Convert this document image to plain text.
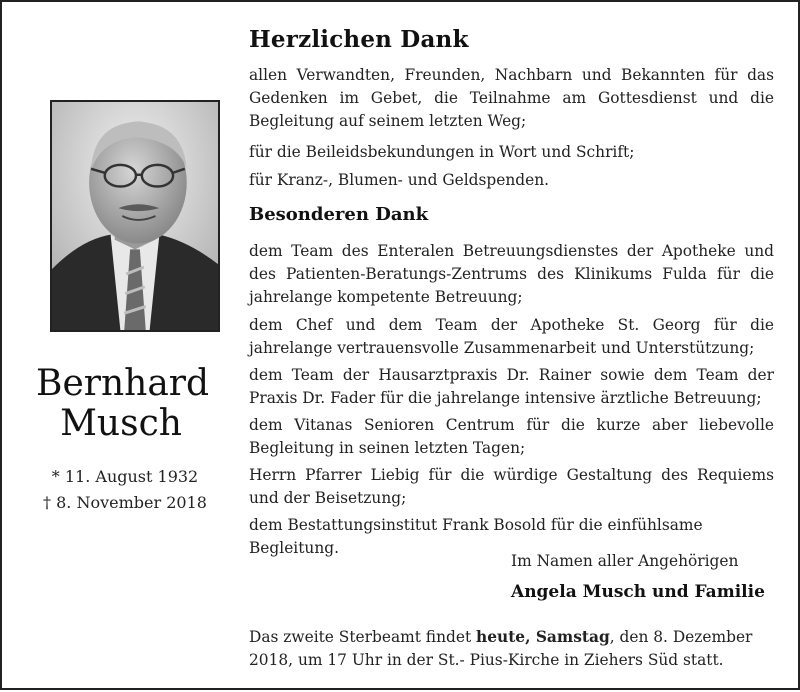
Bernhard
Musch
* 11. August 1932
† 8. November 2018
Herzlichen Dank
allen Verwandten, Freunden, Nachbarn und Bekannten für das Gedenken im Gebet, die Teilnahme am Gottesdienst und die Begleitung auf seinem letzten Weg;
für die Beileidsbekundungen in Wort und Schrift;
für Kranz-, Blumen- und Geldspenden.
Besonderen Dank
dem Team des Enteralen Betreuungsdienstes der Apotheke und des Patienten-Beratungs-Zentrums des Klinikums Fulda für die jahrelange kompetente Betreuung;
dem Chef und dem Team der Apotheke St. Georg für die jahrelange vertrauensvolle Zusammenarbeit und Unterstützung;
dem Team der Hausarztpraxis Dr. Rainer sowie dem Team der Praxis Dr. Fader für die jahrelange intensive ärztliche Betreuung;
dem Vitanas Senioren Centrum für die kurze aber liebevolle Begleitung in seinen letzten Tagen;
Herrn Pfarrer Liebig für die würdige Gestaltung des Requiems und der Beisetzung;
dem Bestattungsinstitut Frank Bosold für die einfühlsame Begleitung.
Im Namen aller Angehörigen
Angela Musch und Familie
Das zweite Sterbeamt findet heute, Samstag, den 8. Dezember 2018, um 17 Uhr in der St.- Pius-Kirche in Ziehers Süd statt.
